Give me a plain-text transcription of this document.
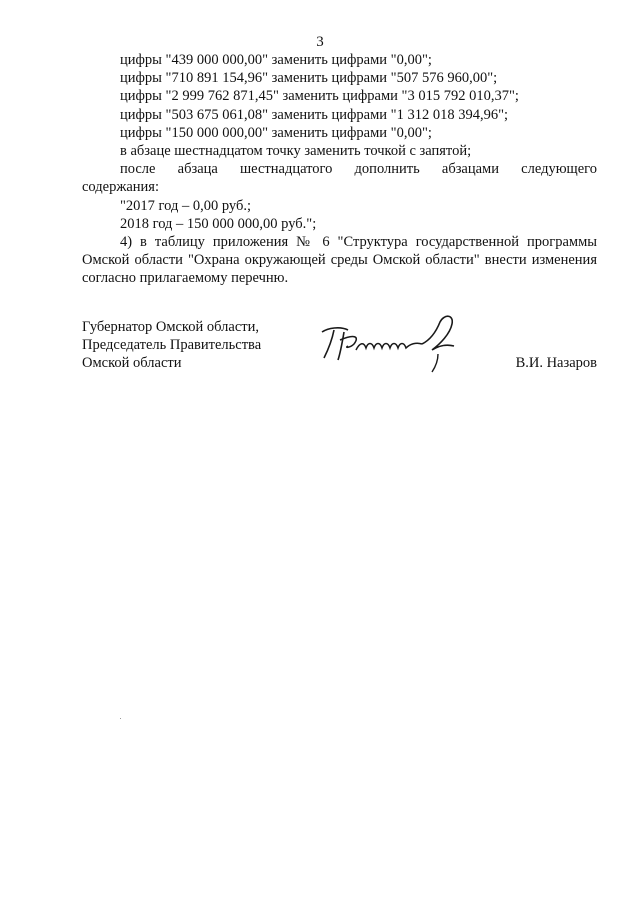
3

цифры "439 000 000,00" заменить цифрами "0,00";

цифры "710 891 154,96" заменить цифрами "507 576 960,00";

цифры "2 999 762 871,45" заменить цифрами "3 015 792 010,37";

цифры "503 675 061,08" заменить цифрами "1 312 018 394,96";

цифры "150 000 000,00" заменить цифрами "0,00";

в абзаце шестнадцатом точку заменить точкой с запятой;

после абзаца шестнадцатого дополнить абзацами следующего

содержания:

"2017 год – 0,00 руб.;

2018 год – 150 000 000,00 руб.";

4) в таблицу приложения № 6 "Структура государственной программы Омской области "Охрана окружающей среды Омской области" внести изменения согласно прилагаемому перечню.

Губернатор Омской области,

Председатель Правительства

Омской области	В.И. Назаров
